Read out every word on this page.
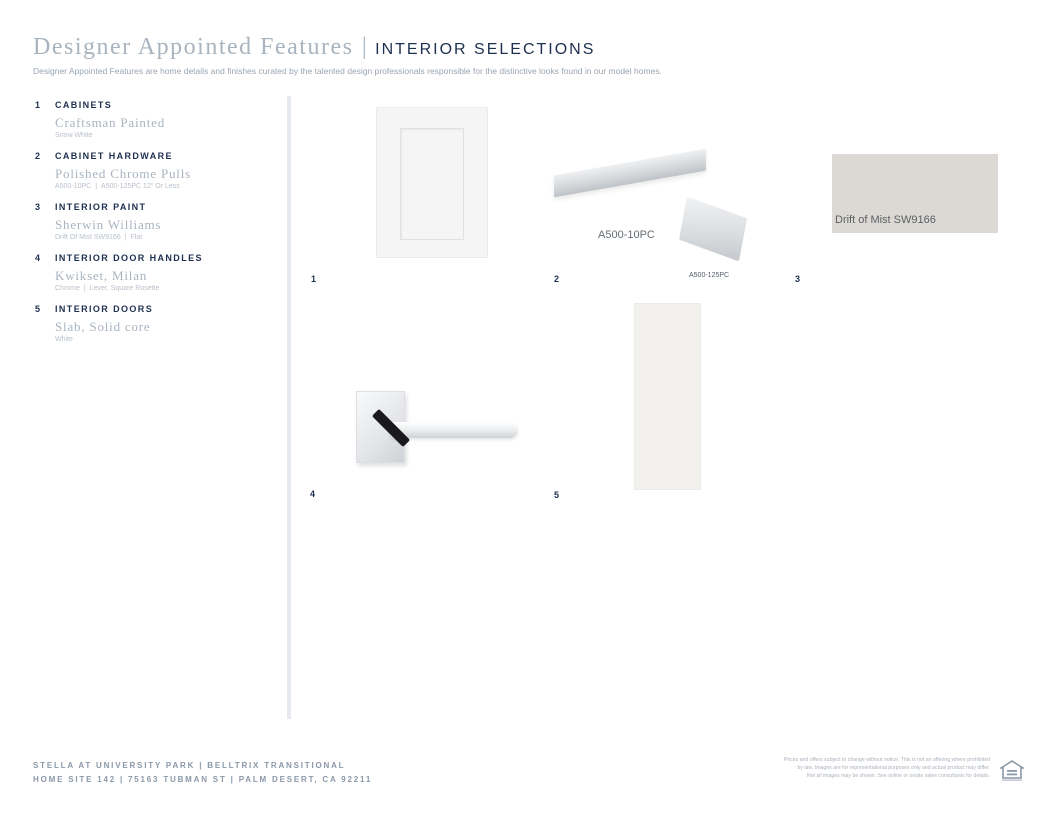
Designer Appointed Features | INTERIOR SELECTIONS
Designer Appointed Features are home details and finishes curated by the talented design professionals responsible for the distinctive looks found in our model homes.
1 CABINETS
Craftsman Painted
Snow White
2 CABINET HARDWARE
Polished Chrome Pulls
A500-10PC | A500-125PC 12" Or Less
3 INTERIOR PAINT
Sherwin Williams
Drift Of Mist SW9166 | Flat
4 INTERIOR DOOR HANDLES
Kwikset, Milan
Chrome | Lever, Square Rosette
5 INTERIOR DOORS
Slab, Solid core
White
1
A500-10PC
A500-125PC
2
Drift of Mist SW9166
3
4	5
STELLA AT UNIVERSITY PARK | BELLTRIX TRANSITIONAL
HOME SITE 142 | 75163 TUBMAN ST | PALM DESERT, CA 92211
Prices and offers subject to change without notice. This is not an offering where prohibited
by law. Images are for representational purposes only and actual product may differ.
Not all images may be shown. See online or onsite sales consultants for details.
